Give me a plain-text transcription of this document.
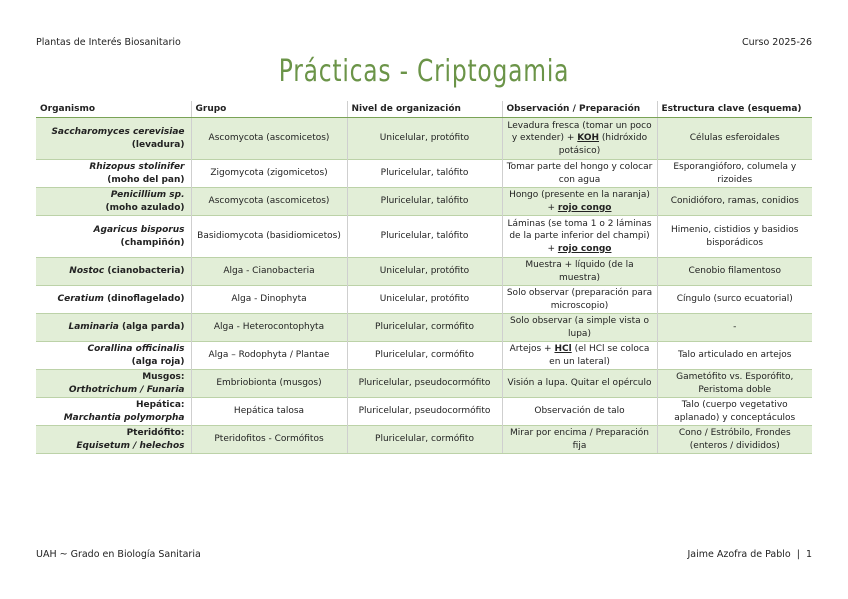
Plantas de Interés Biosanitario	Curso 2025-26
Prácticas - Criptogamia
Organismo	Grupo	Nivel de organización	Observación / Preparación	Estructura clave (esquema)
Saccharomyces cerevisiae
(levadura)	Ascomycota (ascomicetos)	Unicelular, protófito	Levadura fresca (tomar un poco y extender) + KOH (hidróxido potásico)	Células esferoidales
Rhizopus stolinifer
(moho del pan)	Zigomycota (zigomicetos)	Pluricelular, talófito	Tomar parte del hongo y colocar con agua	Esporangióforo, columela y rizoides
Penicillium sp.
(moho azulado)	Ascomycota (ascomicetos)	Pluricelular, talófito	Hongo (presente en la naranja) + rojo congo	Conidióforo, ramas, conidios
Agaricus bisporus
(champiñón)	Basidiomycota (basidiomicetos)	Pluricelular, talófito	Láminas (se toma 1 o 2 láminas de la parte inferior del champi) + rojo congo	Himenio, cistidios y basidios bisporádicos
Nostoc (cianobacteria)	Alga - Cianobacteria	Unicelular, protófito	Muestra + líquido (de la muestra)	Cenobio filamentoso
Ceratium (dinoflagelado)	Alga - Dinophyta	Unicelular, protófito	Solo observar (preparación para microscopio)	Cíngulo (surco ecuatorial)
Laminaria (alga parda)	Alga - Heterocontophyta	Pluricelular, cormófito	Solo observar (a simple vista o lupa)	-
Corallina officinalis
(alga roja)	Alga – Rodophyta / Plantae	Pluricelular, cormófito	Artejos + HCl (el HCl se coloca en un lateral)	Talo articulado en artejos
Musgos:
Orthotrichum / Funaria	Embriobionta (musgos)	Pluricelular, pseudocormófito	Visión a lupa. Quitar el opérculo	Gametófito vs. Esporófito, Peristoma doble
Hepática:
Marchantia polymorpha	Hepática talosa	Pluricelular, pseudocormófito	Observación de talo	Talo (cuerpo vegetativo aplanado) y conceptáculos
Pteridófito:
Equisetum / helechos	Pteridofitos - Cormófitos	Pluricelular, cormófito	Mirar por encima / Preparación fija	Cono / Estróbilo, Frondes (enteros / divididos)
UAH ~ Grado en Biología Sanitaria	Jaime Azofra de Pablo | 1
